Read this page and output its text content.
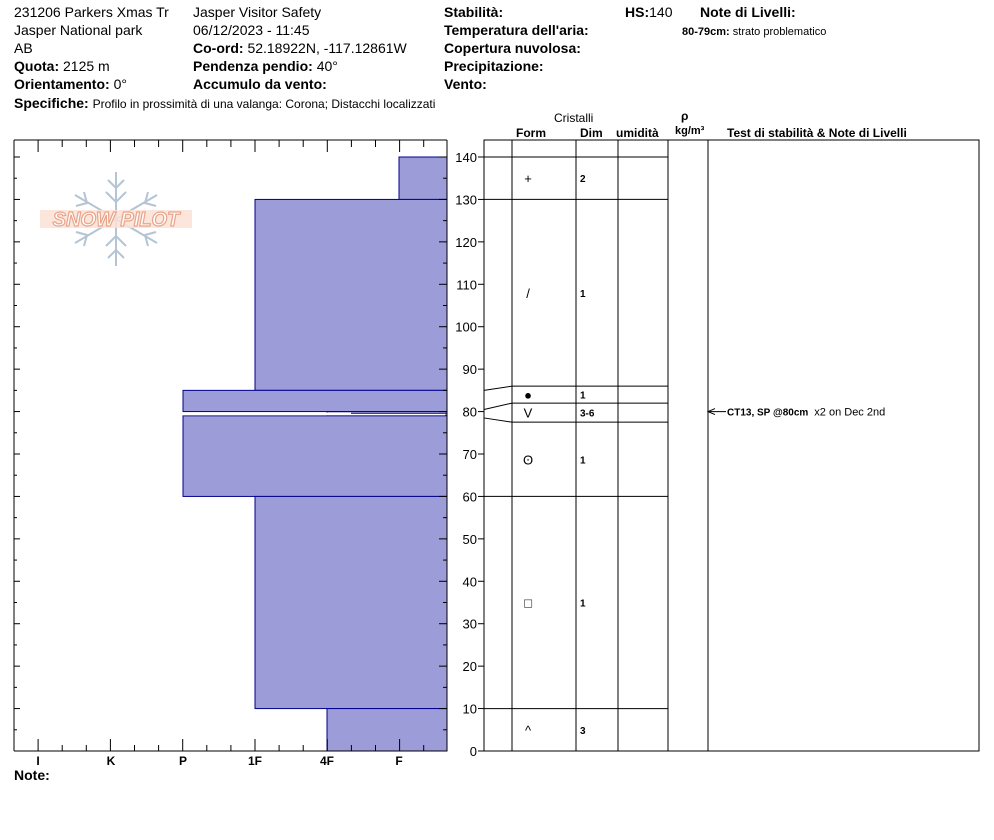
231206 Parkers Xmas Tr
Jasper National park
AB
Quota: 2125 m
Orientamento: 0°
Specifiche: Profilo in prossimità di una valanga: Corona; Distacchi localizzati
Jasper Visitor Safety
06/12/2023 - 11:45
Co-ord: 52.18922N, -117.12861W
Pendenza pendio: 40°
Accumulo da vento:
Stabilità:
Temperatura dell'aria:
Copertura nuvolosa:
Precipitazione:
Vento:
HS:140 Note di Livelli:
80-79cm: strato problematico
Cristalli
Form	Dim umidità
ρ
kg/m³ Test di stabilità & Note di Livelli
SNOW PILOT
I	K	P	1F	4F	F
0
10
20
30
40
50
60
70
80
90
100
110
120
130
140
+	2
/	1
●	1
V	3-6
ʘ	1
□	1
^	3
CT13, SP @80cm x2 on Dec 2nd
Note:
